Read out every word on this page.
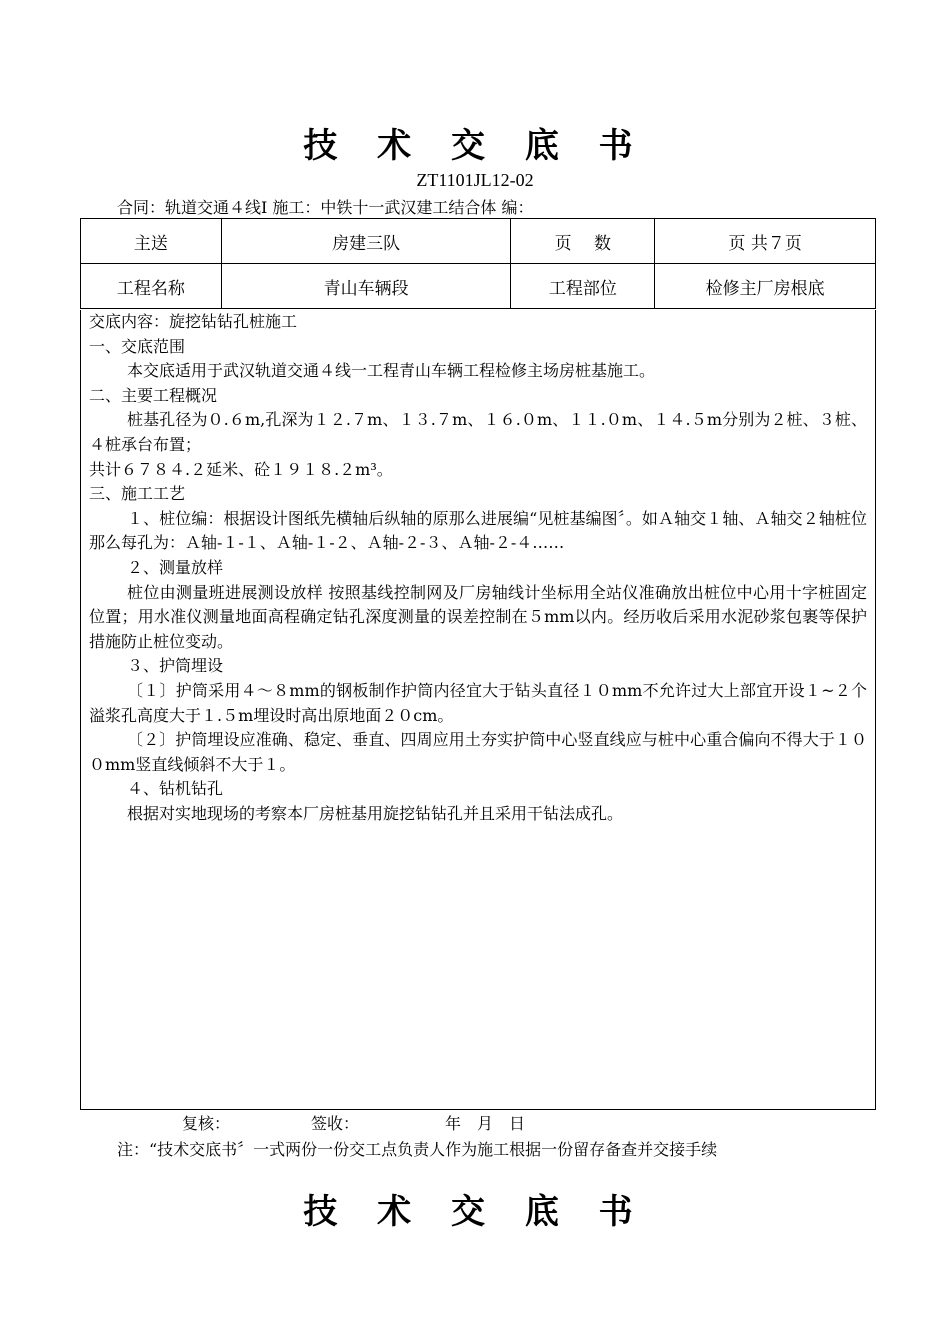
技 术 交 底 书
ZT1101JL12-02
合同：轨道交通４线Ⅰ 施工：中铁十一武汉建工结合体 编：
主送	房建三队	页　 数	页 共７页
工程名称	青山车辆段	工程部位	检修主厂房根底

交底内容：旋挖钻钻孔桩施工

一、交底范围

本交底适用于武汉轨道交通４线一工程青山车辆工程检修主场房桩基施工。

二、主要工程概况

桩基孔径为０.６m,孔深为１２.７m、１３.７m、１６.０m、１１.０m、１４.５m分别为２桩、３桩、４桩承台布置；

共计６７８４.２延米、砼１９１８.２m³。

三、施工工艺

１、桩位编：根据设计图纸先横轴后纵轴的原那么进展编“见桩基编图〞。如Ａ轴交１轴、Ａ轴交２轴桩位那么每孔为：Ａ轴-１-１、Ａ轴-１-２、Ａ轴-２-３、Ａ轴-２-４……

２、测量放样

桩位由测量班进展测设放样 按照基线控制网及厂房轴线计坐标用全站仪准确放出桩位中心用十字桩固定位置；用水准仪测量地面高程确定钻孔深度测量的误差控制在５mm以内。经历收后采用水泥砂浆包裹等保护措施防止桩位变动。

３、护筒埋设

〔１〕护筒采用４～８mm的钢板制作护筒内径宜大于钻头直径１０mm不允许过大上部宜开设１~２个溢浆孔高度大于１.５m埋设时高出原地面２０cm。

〔２〕护筒埋设应准确、稳定、垂直、四周应用土夯实护筒中心竖直线应与桩中心重合偏向不得大于１００mm竖直线倾斜不大于１。

４、钻机钻孔

根据对实地现场的考察本厂房桩基用旋挖钻钻孔并且采用干钻法成孔。

复核：	签收：	年　月　日
注：“技术交底书〞一式两份一份交工点负责人作为施工根据一份留存备查并交接手续
技 术 交 底 书
